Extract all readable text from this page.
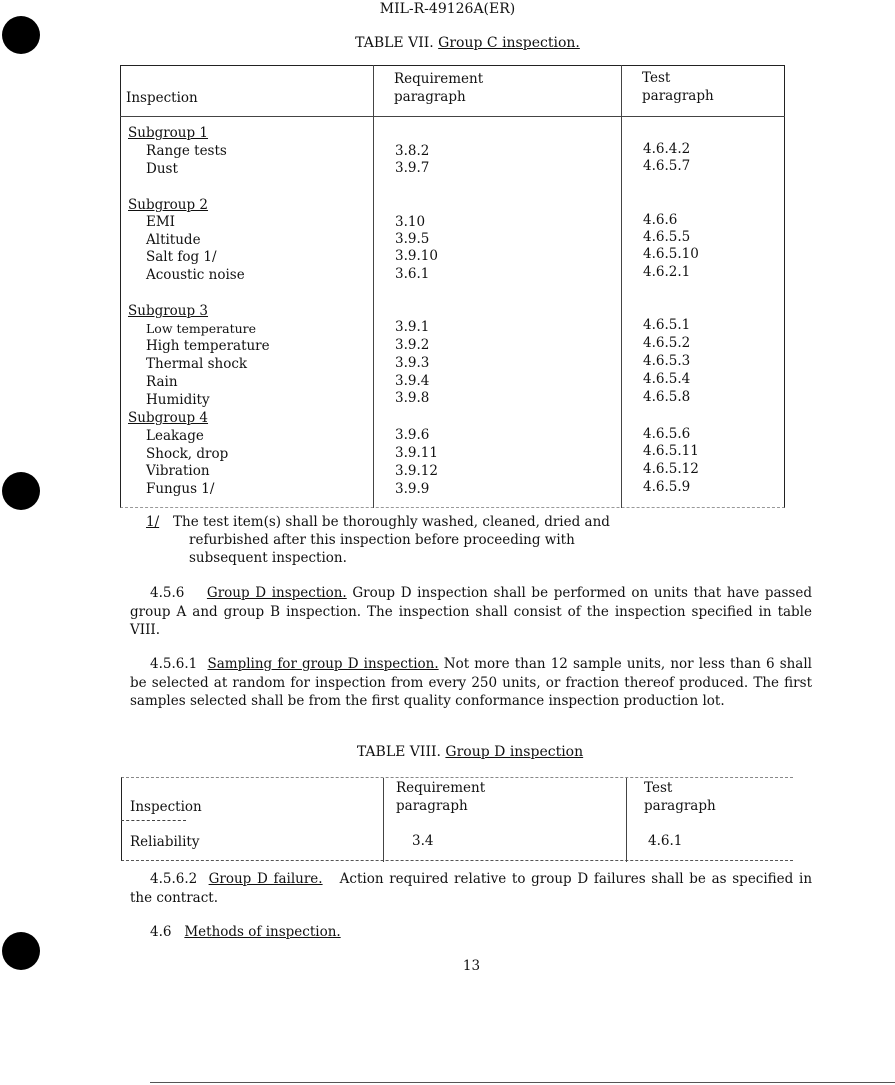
MIL-R-49126A(ER)
TABLE VII. Group C inspection.
Inspection
Requirement
paragraph
Test
paragraph
Subgroup 1
Range tests	3.8.2	4.6.4.2
Dust	3.9.7	4.6.5.7
Subgroup 2
EMI	3.10	4.6.6
Altitude	3.9.5	4.6.5.5
Salt fog 1/	3.9.10	4.6.5.10
Acoustic noise	3.6.1	4.6.2.1
Subgroup 3
Low temperature	3.9.1	4.6.5.1
High temperature	3.9.2	4.6.5.2
Thermal shock	3.9.3	4.6.5.3
Rain	3.9.4	4.6.5.4
Humidity	3.9.8	4.6.5.8
Subgroup 4
Leakage	3.9.6	4.6.5.6
Shock, drop	3.9.11	4.6.5.11
Vibration	3.9.12	4.6.5.12
Fungus 1/	3.9.9	4.6.5.9
1/ The test item(s) shall be thoroughly washed, cleaned, dried and
refurbished after this inspection before proceeding with
subsequent inspection.
4.5.6 Group D inspection. Group D inspection shall be performed on units that have passed group A and group B inspection. The inspection shall consist of the inspection specified in table VIII.
4.5.6.1 Sampling for group D inspection. Not more than 12 sample units, nor less than 6 shall be selected at random for inspection from every 250 units, or fraction thereof produced. The first samples selected shall be from the first quality conformance inspection production lot.
TABLE VIII. Group D inspection
Inspection
Requirement
paragraph
Test
paragraph
Reliability	3.4	4.6.1
4.5.6.2 Group D failure. Action required relative to group D failures shall be as specified in the contract.
4.6 Methods of inspection.
13
